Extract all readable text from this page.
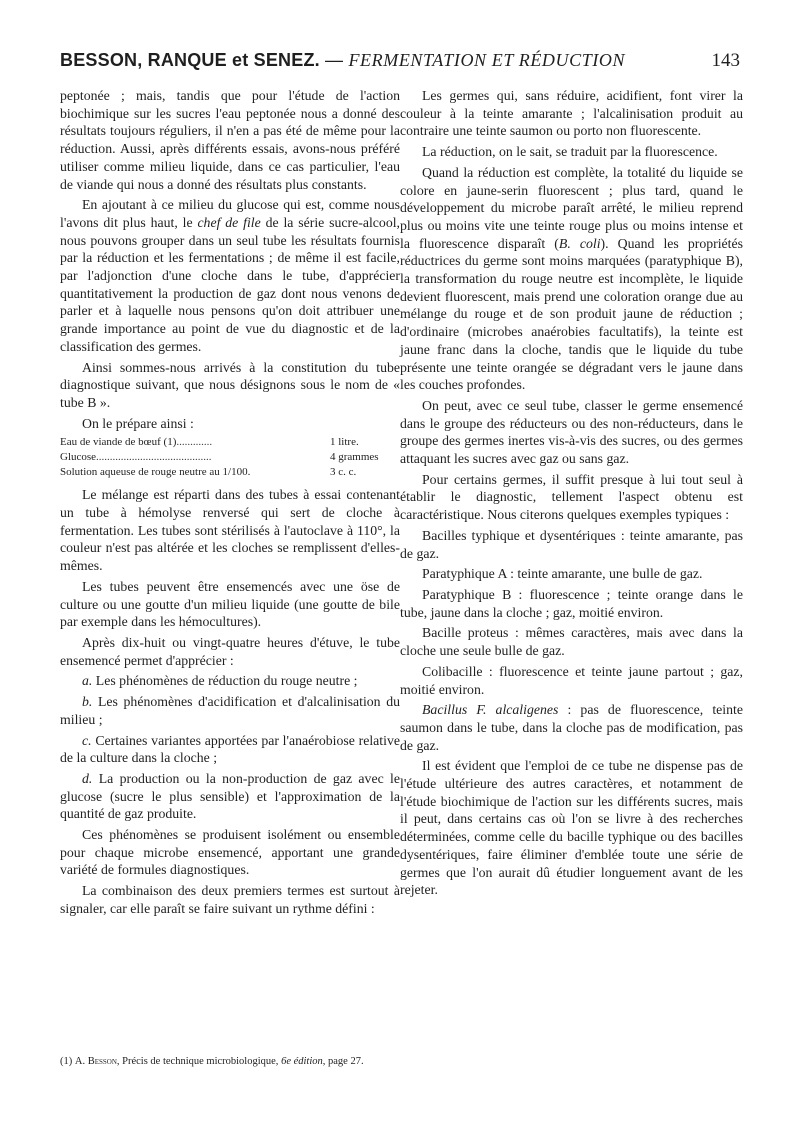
BESSON, RANQUE et SENEZ. — FERMENTATION ET RÉDUCTION	143

peptonée ; mais, tandis que pour l'étude de l'action biochimique sur les sucres l'eau peptonée nous a donné des résultats toujours réguliers, il n'en a pas été de même pour la réduction. Aussi, après différents essais, avons-nous préféré utiliser comme milieu liquide, dans ce cas particulier, l'eau de viande qui nous a donné des résultats plus constants.

En ajoutant à ce milieu du glucose qui est, comme nous l'avons dit plus haut, le chef de file de la série sucre-alcool, nous pouvons grouper dans un seul tube les résultats fournis par la réduction et les fermentations ; de même il est facile, par l'adjonction d'une cloche dans le tube, d'apprécier quantitativement la production de gaz dont nous venons de parler et à laquelle nous pensons qu'on doit attribuer une grande importance au point de vue du diagnostic et de la classification des germes.

Ainsi sommes-nous arrivés à la constitution du tube diagnostique suivant, que nous désignons sous le nom de « tube B ».

On le prépare ainsi :

Eau de viande de bœuf (1).............	1 litre.
Glucose..........................................	4 grammes
Solution aqueuse de rouge neutre au 1/100.	3 c. c.

Le mélange est réparti dans des tubes à essai contenant un tube à hémolyse renversé qui sert de cloche à fermentation. Les tubes sont stérilisés à l'autoclave à 110°, la couleur n'est pas altérée et les cloches se remplissent d'elles-mêmes.

Les tubes peuvent être ensemencés avec une öse de culture ou une goutte d'un milieu liquide (une goutte de bile par exemple dans les hémocultures).

Après dix-huit ou vingt-quatre heures d'étuve, le tube ensemencé permet d'apprécier :

a. Les phénomènes de réduction du rouge neutre ;

b. Les phénomènes d'acidification et d'alcalinisation du milieu ;

c. Certaines variantes apportées par l'anaérobiose relative de la culture dans la cloche ;

d. La production ou la non-production de gaz avec le glucose (sucre le plus sensible) et l'approximation de la quantité de gaz produite.

Ces phénomènes se produisent isolément ou ensemble pour chaque microbe ensemencé, apportant une grande variété de formules diagnostiques.

La combinaison des deux premiers termes est surtout à signaler, car elle paraît se faire suivant un rythme défini :

(1) A. Besson, Précis de technique microbiologique, 6e édition, page 27.

Les germes qui, sans réduire, acidifient, font virer la couleur à la teinte amarante ; l'alcalinisation produit au contraire une teinte saumon ou porto non fluorescente.

La réduction, on le sait, se traduit par la fluorescence.

Quand la réduction est complète, la totalité du liquide se colore en jaune-serin fluorescent ; plus tard, quand le développement du microbe paraît arrêté, le milieu reprend plus ou moins vite une teinte rouge plus ou moins intense et la fluorescence disparaît (B. coli). Quand les propriétés réductrices du germe sont moins marquées (paratyphique B), la transformation du rouge neutre est incomplète, le liquide devient fluorescent, mais prend une coloration orange due au mélange du rouge et de son produit jaune de réduction ; d'ordinaire (microbes anaérobies facultatifs), la teinte est jaune franc dans la cloche, tandis que le liquide du tube présente une teinte orangée se dégradant vers le jaune dans les couches profondes.

On peut, avec ce seul tube, classer le germe ensemencé dans le groupe des réducteurs ou des non-réducteurs, dans le groupe des germes inertes vis-à-vis des sucres, ou des germes attaquant les sucres avec gaz ou sans gaz.

Pour certains germes, il suffit presque à lui tout seul à établir le diagnostic, tellement l'aspect obtenu est caractéristique. Nous citerons quelques exemples typiques :

Bacilles typhique et dysentériques : teinte amarante, pas de gaz.

Paratyphique A : teinte amarante, une bulle de gaz.

Paratyphique B : fluorescence ; teinte orange dans le tube, jaune dans la cloche ; gaz, moitié environ.

Bacille proteus : mêmes caractères, mais avec dans la cloche une seule bulle de gaz.

Colibacille : fluorescence et teinte jaune partout ; gaz, moitié environ.

Bacillus F. alcaligenes : pas de fluorescence, teinte saumon dans le tube, dans la cloche pas de modification, pas de gaz.

Il est évident que l'emploi de ce tube ne dispense pas de l'étude ultérieure des autres caractères, et notamment de l'étude biochimique de l'action sur les différents sucres, mais il peut, dans certains cas où l'on se livre à des recherches déterminées, comme celle du bacille typhique ou des bacilles dysentériques, faire éliminer d'emblée toute une série de germes que l'on aurait dû étudier longuement avant de les rejeter.
